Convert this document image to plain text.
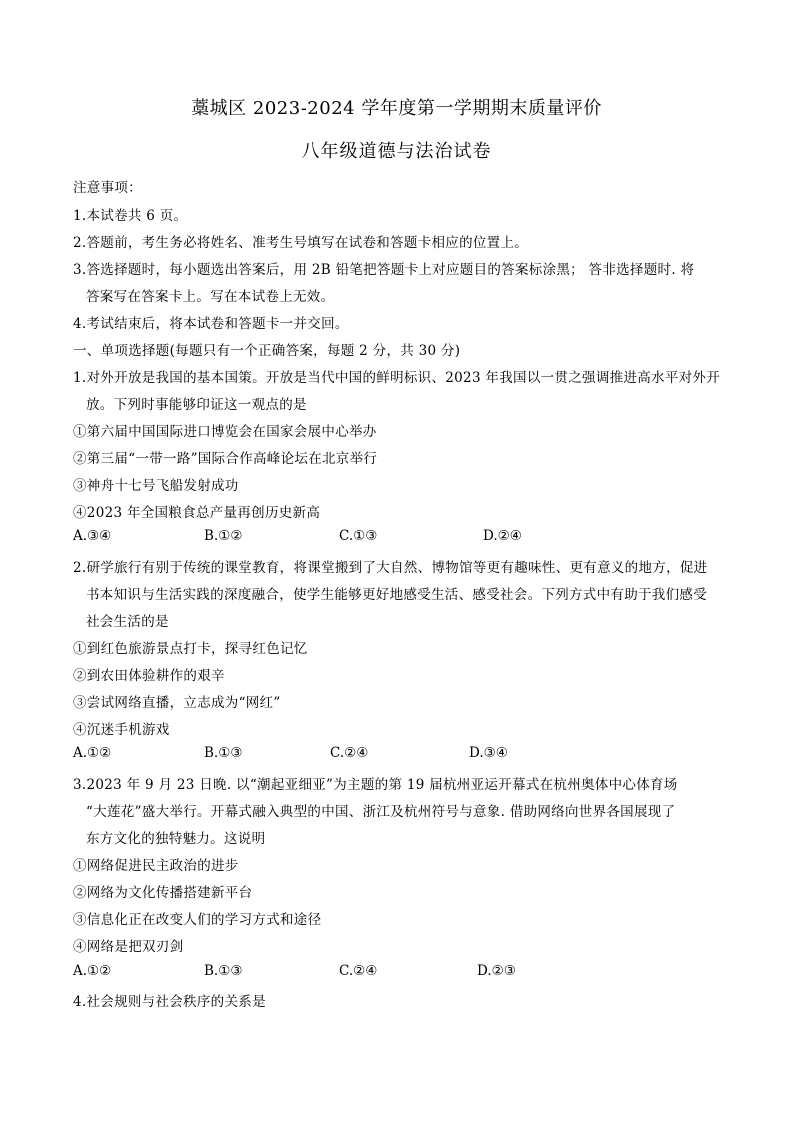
藁城区 2023-2024 学年度第一学期期末质量评价
八年级道德与法治试卷
注意事项：
1.本试卷共 6 页。
2.答题前，考生务必将姓名、准考生号填写在试卷和答题卡相应的位置上。
3.答选择题时，每小题选出答案后，用 2B 铅笔把答题卡上对应题目的答案标涂黑； 答非选择题时. 将
答案写在答案卡上。写在本试卷上无效。
4.考试结束后，将本试卷和答题卡一并交回。
一、单项选择题(每题只有一个正确答案，每题 2 分，共 30 分)
1.对外开放是我国的基本国策。开放是当代中国的鲜明标识、2023 年我国以一贯之强调推进高水平对外开
放。下列时事能够印证这一观点的是
①第六届中国国际进口博览会在国家会展中心举办
②第三届“一带一路”国际合作高峰论坛在北京举行
③神舟十七号飞船发射成功
④2023 年全国粮食总产量再创历史新高
A.③④	B.①②	C.①③	D.②④
2.研学旅行有别于传统的课堂教育，将课堂搬到了大自然、博物馆等更有趣味性、更有意义的地方，促进
书本知识与生活实践的深度融合，使学生能够更好地感受生活、感受社会。下列方式中有助于我们感受
社会生活的是
①到红色旅游景点打卡，探寻红色记忆
②到农田体验耕作的艰辛
③尝试网络直播，立志成为“网红”
④沉迷手机游戏
A.①②	B.①③	C.②④	D.③④
3.2023 年 9 月 23 日晚. 以“潮起亚细亚”为主题的第 19 届杭州亚运开幕式在杭州奥体中心体育场
“大莲花”盛大举行。开幕式融入典型的中国、浙江及杭州符号与意象. 借助网络向世界各国展现了
东方文化的独特魅力。这说明
①网络促进民主政治的进步
②网络为文化传播搭建新平台
③信息化正在改变人们的学习方式和途径
④网络是把双刃剑
A.①②	B.①③	C.②④	D.②③
4.社会规则与社会秩序的关系是
